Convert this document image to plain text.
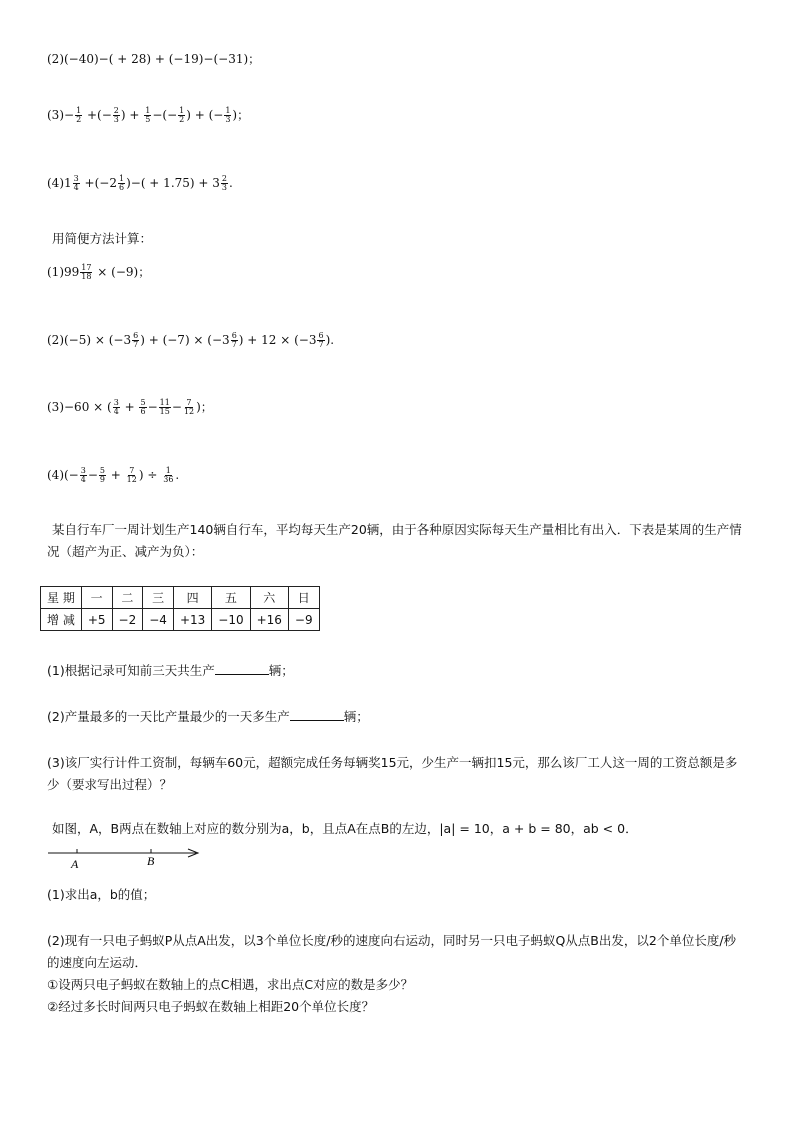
(2)(−40)−( + 28) + (−19)−(−31)；
$(3)- \frac{1}{2}$ +(− $\frac{2}{3}$ ) + $\frac{1}{5}$ −(− $\frac{1}{2}$ ) + (− $\frac{1}{3}$ )；
$(4)1 \frac{3}{4} +(-2 \frac{1}{6}$ )−( + $1.75) + 3 \frac{2}{3}$ .
用简便方法计算：
$(1)99 \frac{17}{18} \times (-9)$；
$(2)(-5) \times (-3 \frac{6}{7}$ ) + $(-7) \times (-3 \frac{6}{7}$ ) + $12 \times (-3 \frac{6}{7}$ ).
(3)−60 × ( $\frac{3}{4} + \frac{5}{6} - \frac{11}{15} - \frac{7}{12}$ )；
$(4)(- \frac{3}{4} - \frac{5}{9} + \frac{7}{12}$ ) ÷ $\frac{1}{36}$ .
某自行车厂一周计划生产140辆自行车，平均每天生产20辆，由于各种原因实际每天生产量相比有出入．下表是某周的生产情况（超产为正、减产为负）：
星 期	一	二	三	四	五	六	日
增 减	+5	−2	−4	+13	−10	+16	−9
(1)根据记录可知前三天共生产	辆；
(2)产量最多的一天比产量最少的一天多生产	辆；
(3)该厂实行计件工资制，每辆车60元，超额完成任务每辆奖15元，少生产一辆扣15元，那么该厂工人这一周的工资总额是多少（要求写出过程）？
如图，A，B两点在数轴上对应的数分别为a，b，且点A在点B的左边，|a| = 10，a + b = 80，ab < 0．
A	B
(1)求出a，b的值；
(2)现有一只电子蚂蚁P从点A出发，以3个单位长度/秒的速度向右运动，同时另一只电子蚂蚁Q从点B出发，以2个单位长度/秒的速度向左运动．
①设两只电子蚂蚁在数轴上的点C相遇，求出点C对应的数是多少？
②经过多长时间两只电子蚂蚁在数轴上相距20个单位长度？
